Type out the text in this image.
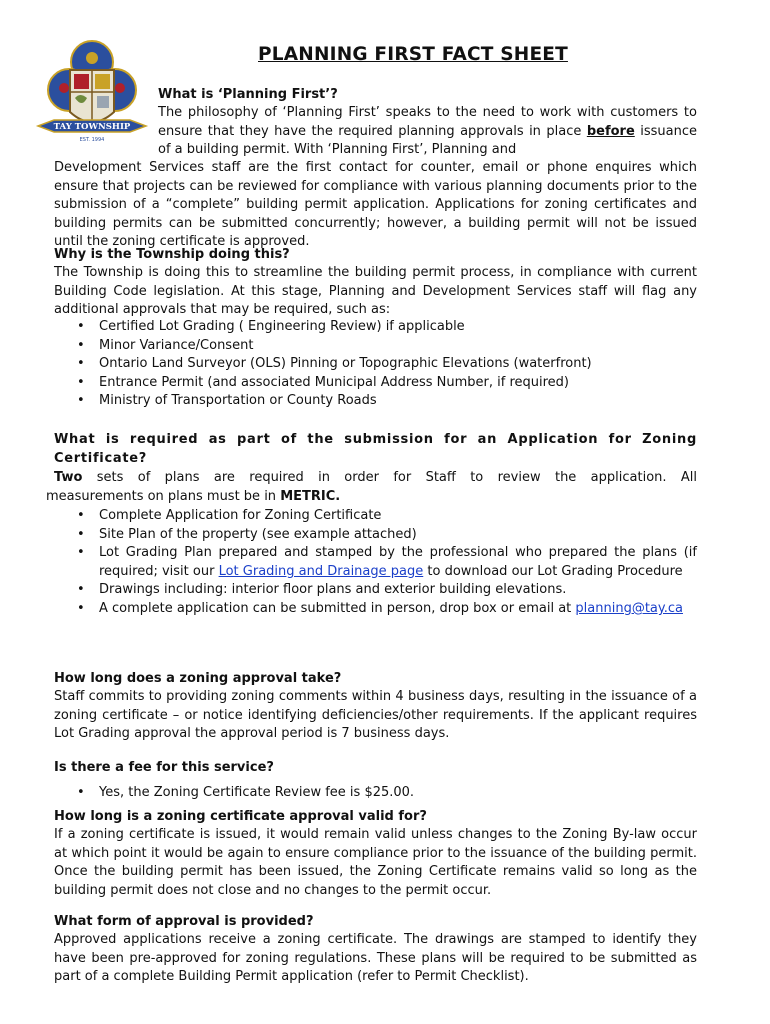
TAY TOWNSHIP
EST. 1994
PLANNING FIRST FACT SHEET
What is ‘Planning First’?

The philosophy of ‘Planning First’ speaks to the need to work with customers to ensure that they have the required planning approvals in place before issuance of a building permit. With ‘Planning First’, Planning and

Development Services staff are the first contact for counter, email or phone enquires which ensure that projects can be reviewed for compliance with various planning documents prior to the submission of a “complete” building permit application. Applications for zoning certificates and building permits can be submitted concurrently; however, a building permit will not be issued until the zoning certificate is approved.

Why is the Township doing this?

The Township is doing this to streamline the building permit process, in compliance with current Building Code legislation. At this stage, Planning and Development Services staff will flag any additional approvals that may be required, such as:

• Certified Lot Grading ( Engineering Review) if applicable
• Minor Variance/Consent
• Ontario Land Surveyor (OLS) Pinning or Topographic Elevations (waterfront)
• Entrance Permit (and associated Municipal Address Number, if required)
• Ministry of Transportation or County Roads
What is required as part of the submission for an Application for Zoning Certificate?

Two sets of plans are required in order for Staff to review the application. All

measurements on plans must be in METRIC.

• Complete Application for Zoning Certificate
• Site Plan of the property (see example attached)
• Lot Grading Plan prepared and stamped by the professional who prepared the plans (if required; visit our Lot Grading and Drainage page to download our Lot Grading Procedure
• Drawings including: interior floor plans and exterior building elevations.
• A complete application can be submitted in person, drop box or email at planning@tay.ca
How long does a zoning approval take?

Staff commits to providing zoning comments within 4 business days, resulting in the issuance of a zoning certificate – or notice identifying deficiencies/other requirements. If the applicant requires Lot Grading approval the approval period is 7 business days.

Is there a fee for this service?
• Yes, the Zoning Certificate Review fee is $25.00.
How long is a zoning certificate approval valid for?

If a zoning certificate is issued, it would remain valid unless changes to the Zoning By-law occur at which point it would be again to ensure compliance prior to the issuance of the building permit. Once the building permit has been issued, the Zoning Certificate remains valid so long as the building permit does not close and no changes to the permit occur.

What form of approval is provided?

Approved applications receive a zoning certificate. The drawings are stamped to identify they have been pre-approved for zoning regulations. These plans will be required to be submitted as part of a complete Building Permit application (refer to Permit Checklist).
